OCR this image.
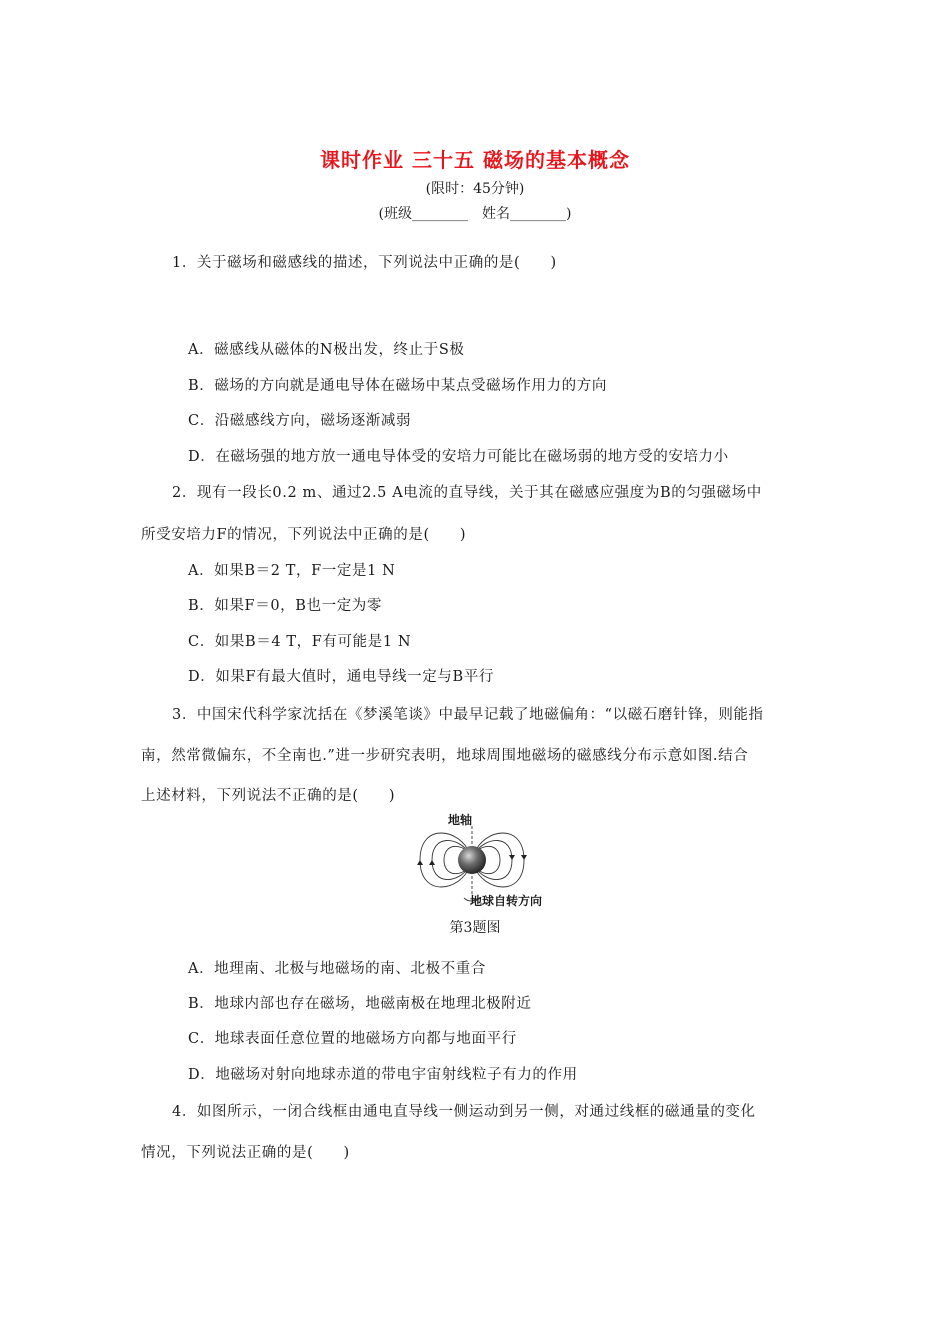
课时作业 三十五 磁场的基本概念
(限时：45分钟)
(班级________　姓名________)
1．关于磁场和磁感线的描述，下列说法中正确的是(　　)
A．磁感线从磁体的N极出发，终止于S极
B．磁场的方向就是通电导体在磁场中某点受磁场作用力的方向
C．沿磁感线方向，磁场逐渐减弱
D．在磁场强的地方放一通电导体受的安培力可能比在磁场弱的地方受的安培力小
2．现有一段长0.2 m、通过2.5 A电流的直导线，关于其在磁感应强度为B的匀强磁场中
所受安培力F的情况，下列说法中正确的是(　　)
A．如果B＝2 T，F一定是1 N
B．如果F＝0，B也一定为零
C．如果B＝4 T，F有可能是1 N
D．如果F有最大值时，通电导线一定与B平行
3．中国宋代科学家沈括在《梦溪笔谈》中最早记载了地磁偏角：“以磁石磨针锋，则能指
南，然常微偏东，不全南也.”进一步研究表明，地球周围地磁场的磁感线分布示意如图.结合
上述材料，下列说法不正确的是(　　)
地轴
地球自转方向
第3题图
A．地理南、北极与地磁场的南、北极不重合
B．地球内部也存在磁场，地磁南极在地理北极附近
C．地球表面任意位置的地磁场方向都与地面平行
D．地磁场对射向地球赤道的带电宇宙射线粒子有力的作用
4．如图所示，一闭合线框由通电直导线一侧运动到另一侧，对通过线框的磁通量的变化
情况，下列说法正确的是(　　)
